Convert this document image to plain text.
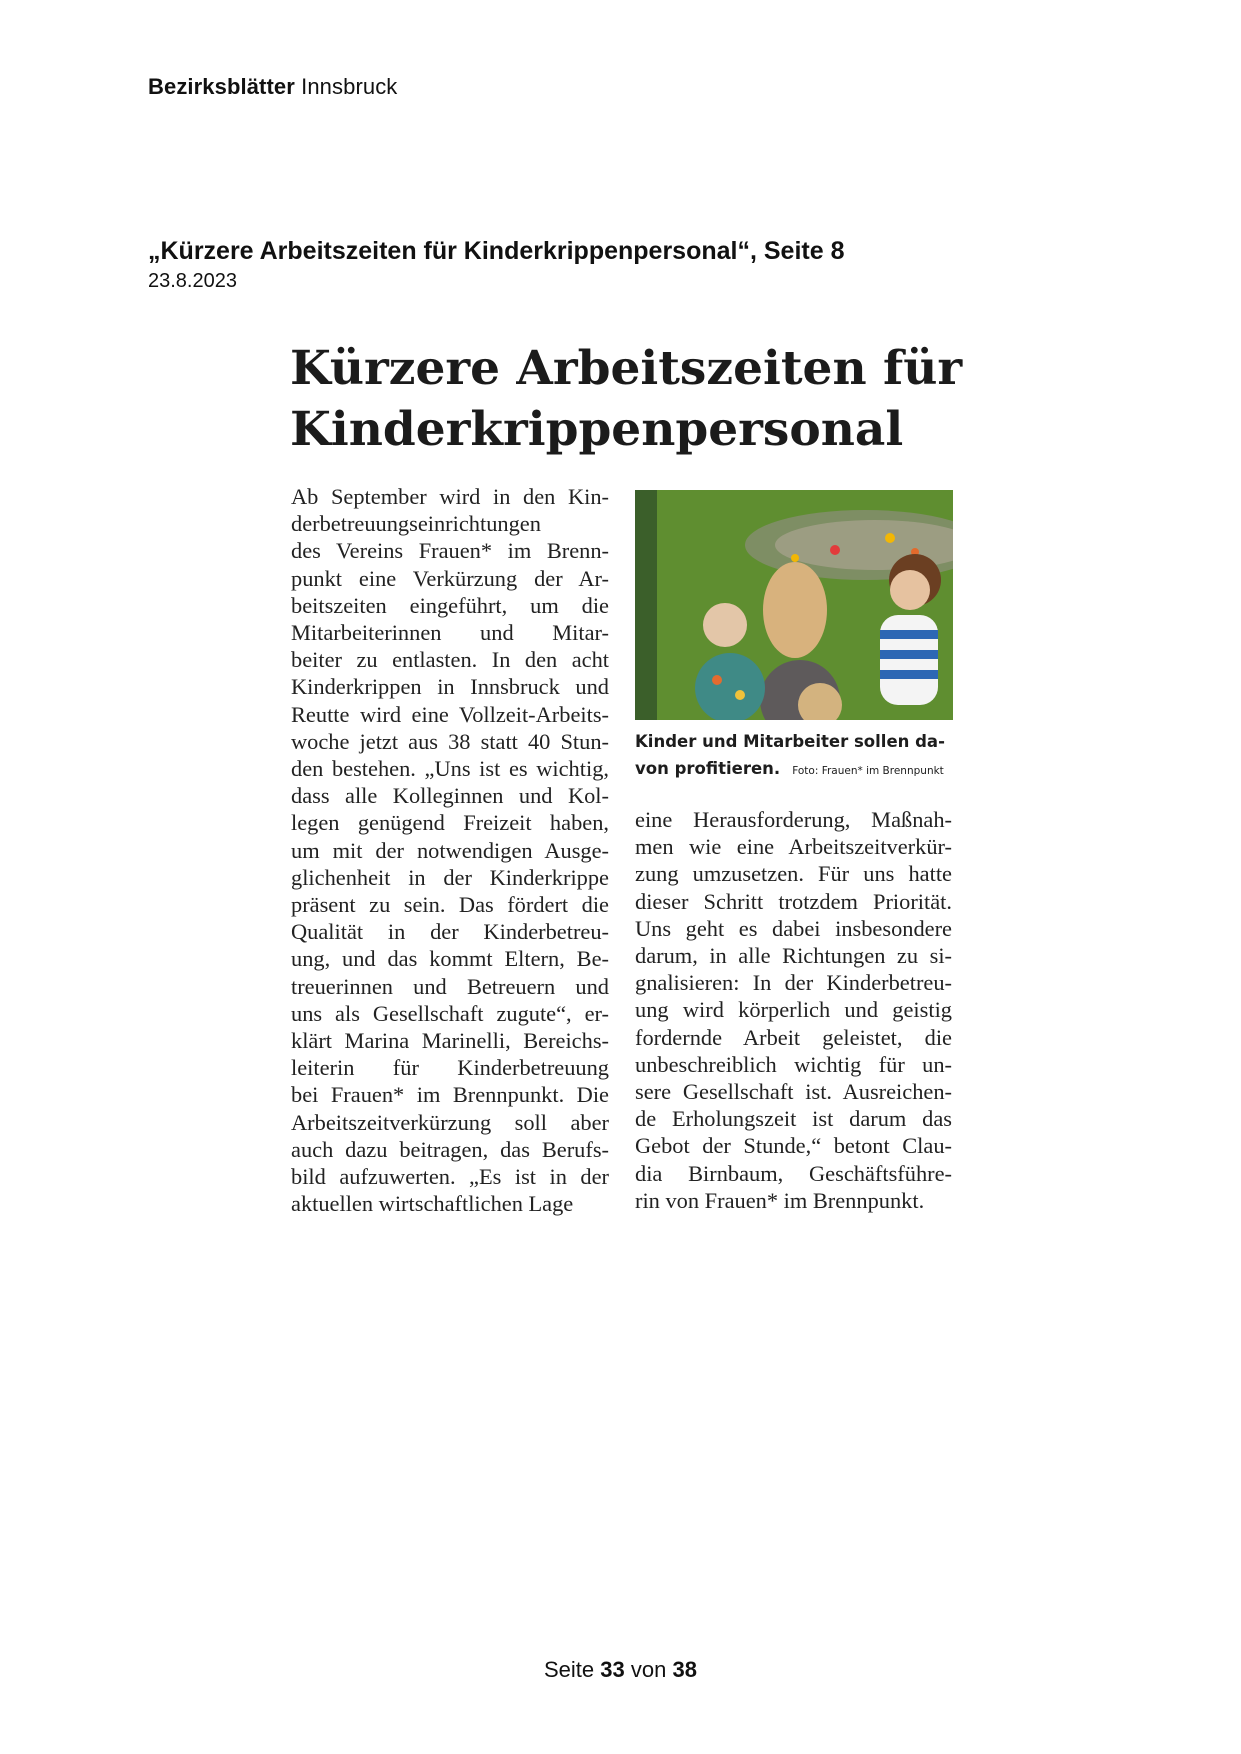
Bezirksblätter Innsbruck
„Kürzere Arbeitszeiten für Kinderkrippenpersonal“, Seite 8
23.8.2023
Kürzere Arbeitszeiten für
Kinderkrippenpersonal
Ab September wird in den Kin-
derbetreuungseinrichtungen
des Vereins Frauen* im Brenn-
punkt eine Verkürzung der Ar-
beitszeiten eingeführt, um die
Mitarbeiterinnen und Mitar-
beiter zu entlasten. In den acht
Kinderkrippen in Innsbruck und
Reutte wird eine Vollzeit-Arbeits-
woche jetzt aus 38 statt 40 Stun-
den bestehen. „Uns ist es wichtig,
dass alle Kolleginnen und Kol-
legen genügend Freizeit haben,
um mit der notwendigen Ausge-
glichenheit in der Kinderkrippe
präsent zu sein. Das fördert die
Qualität in der Kinderbetreu-
ung, und das kommt Eltern, Be-
treuerinnen und Betreuern und
uns als Gesellschaft zugute“, er-
klärt Marina Marinelli, Bereichs-
leiterin für Kinderbetreuung
bei Frauen* im Brennpunkt. Die
Arbeitszeitverkürzung soll aber
auch dazu beitragen, das Berufs-
bild aufzuwerten. „Es ist in der
aktuellen wirtschaftlichen Lage
Kinder und Mitarbeiter sollen da-
von profitieren. Foto: Frauen* im Brennpunkt
eine Herausforderung, Maßnah-
men wie eine Arbeitszeitverkür-
zung umzusetzen. Für uns hatte
dieser Schritt trotzdem Priorität.
Uns geht es dabei insbesondere
darum, in alle Richtungen zu si-
gnalisieren: In der Kinderbetreu-
ung wird körperlich und geistig
fordernde Arbeit geleistet, die
unbeschreiblich wichtig für un-
sere Gesellschaft ist. Ausreichen-
de Erholungszeit ist darum das
Gebot der Stunde,“ betont Clau-
dia Birnbaum, Geschäftsführe-
rin von Frauen* im Brennpunkt.
Seite 33 von 38
